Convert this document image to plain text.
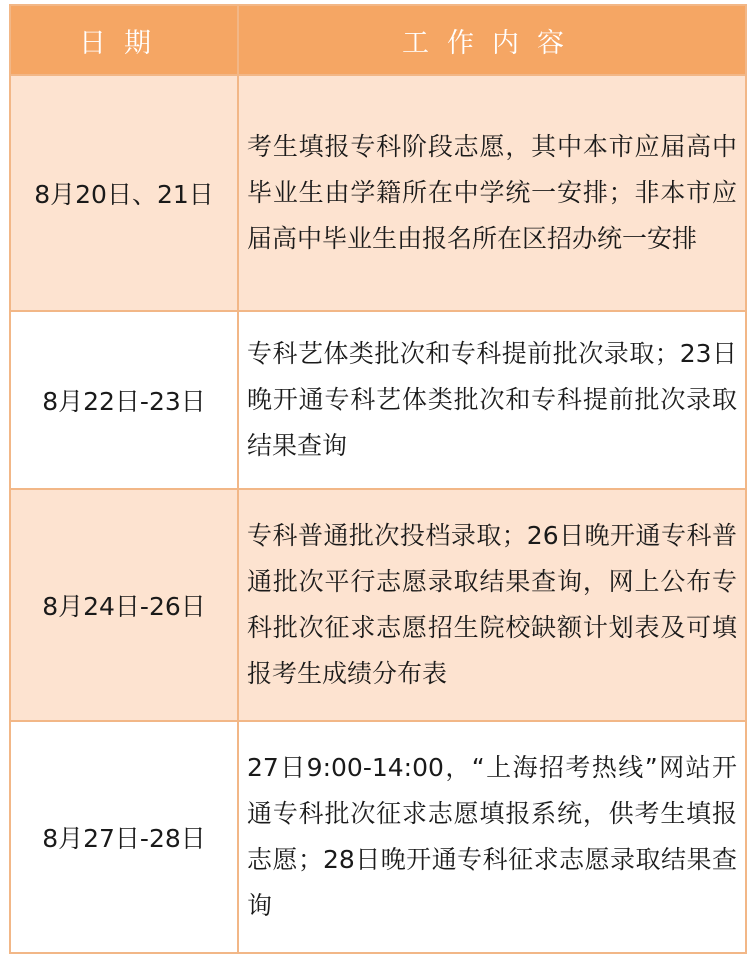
日期	工作内容
8月20日、21日	考生填报专科阶段志愿，其中本市应届高中毕业生由学籍所在中学统一安排；非本市应届高中毕业生由报名所在区招办统一安排
8月22日-23日	专科艺体类批次和专科提前批次录取；23日晚开通专科艺体类批次和专科提前批次录取结果查询
8月24日-26日	专科普通批次投档录取；26日晚开通专科普通批次平行志愿录取结果查询，网上公布专科批次征求志愿招生院校缺额计划表及可填报考生成绩分布表
8月27日-28日	27日9:00-14:00，“上海招考热线”网站开通专科批次征求志愿填报系统，供考生填报志愿；28日晚开通专科征求志愿录取结果查询
